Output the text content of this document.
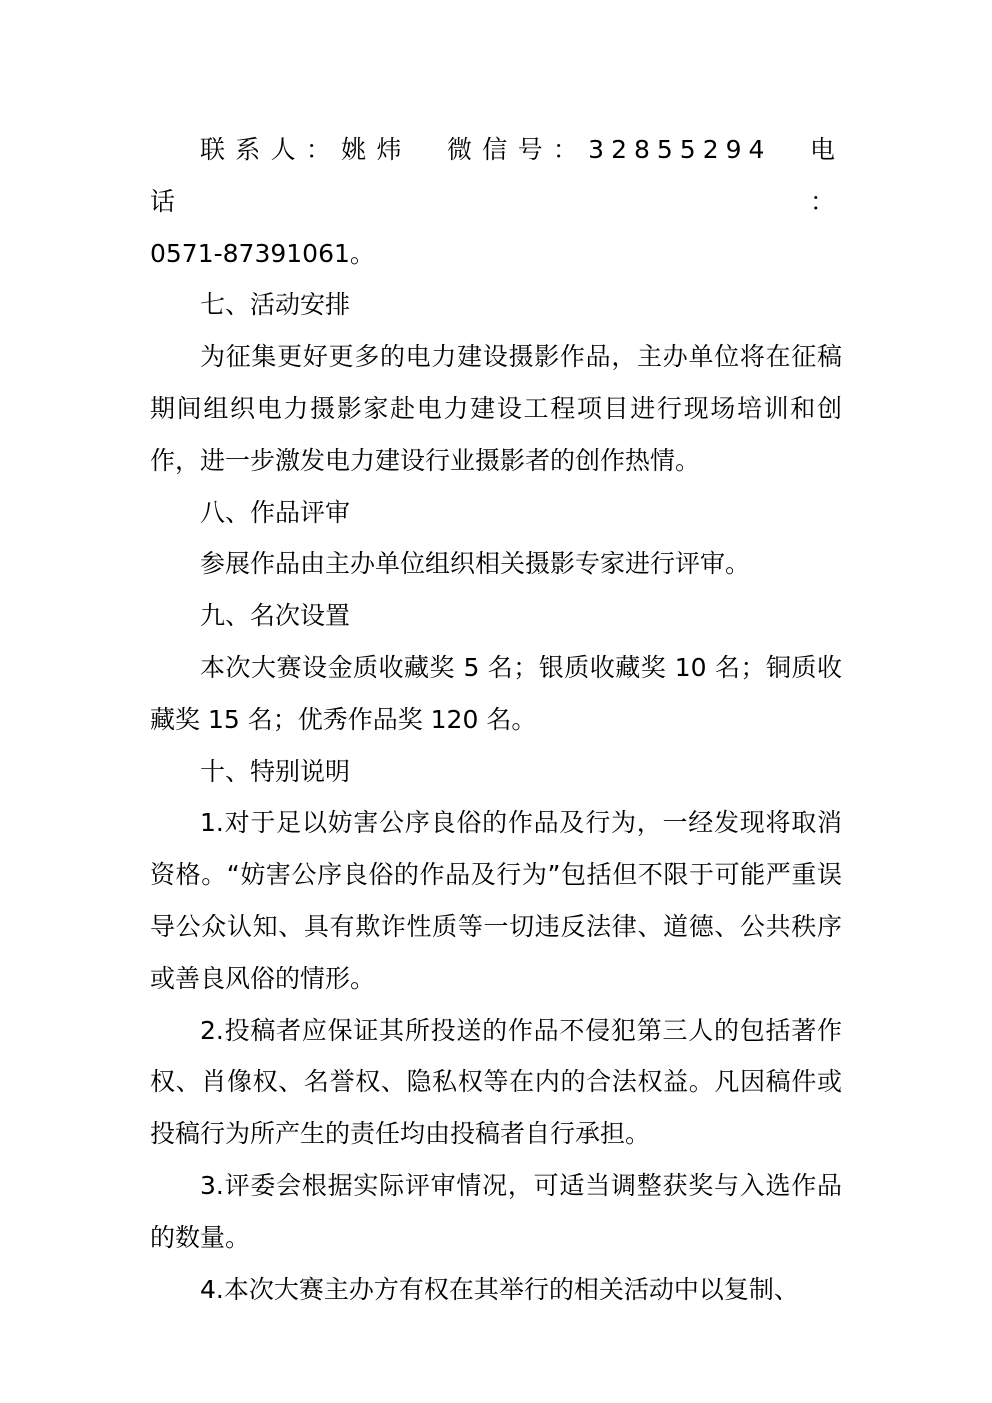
联系人：姚炜　微信号：32855294　电话：

0571-87391061。

七、活动安排

为征集更好更多的电力建设摄影作品，主办单位将在征稿期间组织电力摄影家赴电力建设工程项目进行现场培训和创作，进一步激发电力建设行业摄影者的创作热情。

八、作品评审

参展作品由主办单位组织相关摄影专家进行评审。

九、名次设置

本次大赛设金质收藏奖 5 名；银质收藏奖 10 名；铜质收藏奖 15 名；优秀作品奖 120 名。

十、特别说明

1.对于足以妨害公序良俗的作品及行为，一经发现将取消资格。“妨害公序良俗的作品及行为”包括但不限于可能严重误导公众认知、具有欺诈性质等一切违反法律、道德、公共秩序或善良风俗的情形。

2.投稿者应保证其所投送的作品不侵犯第三人的包括著作权、肖像权、名誉权、隐私权等在内的合法权益。凡因稿件或投稿行为所产生的责任均由投稿者自行承担。

3.评委会根据实际评审情况，可适当调整获奖与入选作品的数量。

4.本次大赛主办方有权在其举行的相关活动中以复制、
